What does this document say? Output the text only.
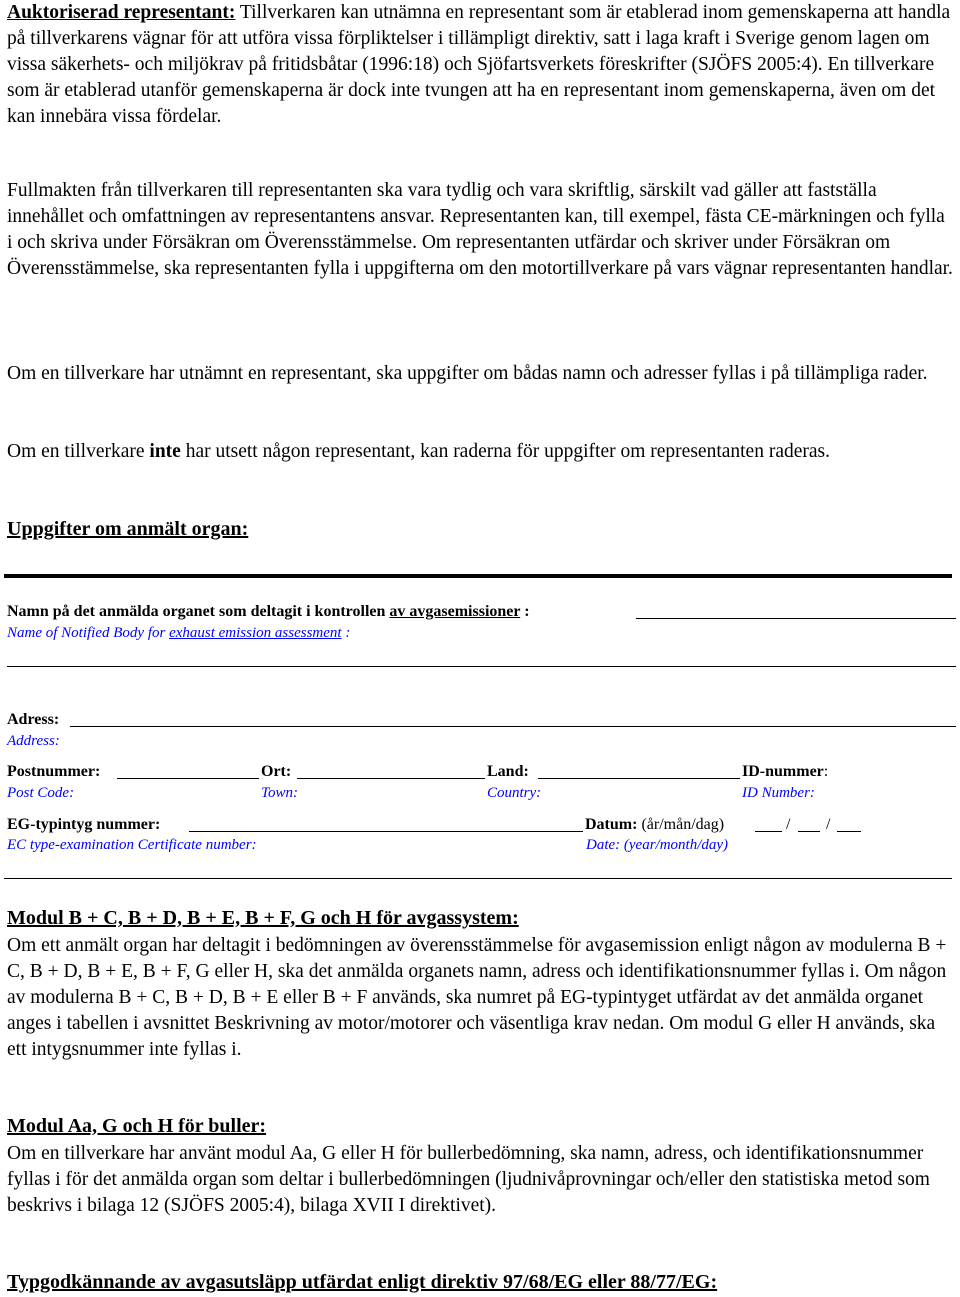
Auktoriserad representant: Tillverkaren kan utnämna en representant som är etablerad inom gemenskaperna att handla på tillverkarens vägnar för att utföra vissa förpliktelser i tillämpligt direktiv, satt i laga kraft i Sverige genom lagen om vissa säkerhets- och miljökrav på fritidsbåtar (1996:18) och Sjöfartsverkets föreskrifter (SJÖFS 2005:4). En tillverkare som är etablerad utanför gemenskaperna är dock inte tvungen att ha en representant inom gemenskaperna, även om det kan innebära vissa fördelar.
Fullmakten från tillverkaren till representanten ska vara tydlig och vara skriftlig, särskilt vad gäller att fastställa innehållet och omfattningen av representantens ansvar. Representanten kan, till exempel, fästa CE-märkningen och fylla i och skriva under Försäkran om Överensstämmelse. Om representanten utfärdar och skriver under Försäkran om Överensstämmelse, ska representanten fylla i uppgifterna om den motortillverkare på vars vägnar representanten handlar.
Om en tillverkare har utnämnt en representant, ska uppgifter om bådas namn och adresser fyllas i på tillämpliga rader.
Om en tillverkare inte har utsett någon representant, kan raderna för uppgifter om representanten raderas.
Uppgifter om anmält organ:
Namn på det anmälda organet som deltagit i kontrollen av avgasemissioner :
Name of Notified Body for exhaust emission assessment :
Adress:
Address:
Postnummer:	Ort:	Land:	ID-nummer:
Post Code:	Town:	Country:	ID Number:
EG-typintyg nummer:	Datum: (år/mån/dag)	/ /
EC type-examination Certificate number:	Date: (year/month/day)
Modul B + C, B + D, B + E, B + F, G och H för avgassystem:
Om ett anmält organ har deltagit i bedömningen av överensstämmelse för avgasemission enligt någon av modulerna B + C, B + D, B + E, B + F, G eller H, ska det anmälda organets namn, adress och identifikationsnummer fyllas i. Om någon av modulerna B + C, B + D, B + E eller B + F används, ska numret på EG-typintyget utfärdat av det anmälda organet anges i tabellen i avsnittet Beskrivning av motor/motorer och väsentliga krav nedan. Om modul G eller H används, ska ett intygsnummer inte fyllas i.
Modul Aa, G och H för buller:
Om en tillverkare har använt modul Aa, G eller H för bullerbedömning, ska namn, adress, och identifikationsnummer fyllas i för det anmälda organ som deltar i bullerbedömningen (ljudnivåprovningar och/eller den statistiska metod som beskrivs i bilaga 12 (SJÖFS 2005:4), bilaga XVII I direktivet).
Typgodkännande av avgasutsläpp utfärdat enligt direktiv 97/68/EG eller 88/77/EG:
